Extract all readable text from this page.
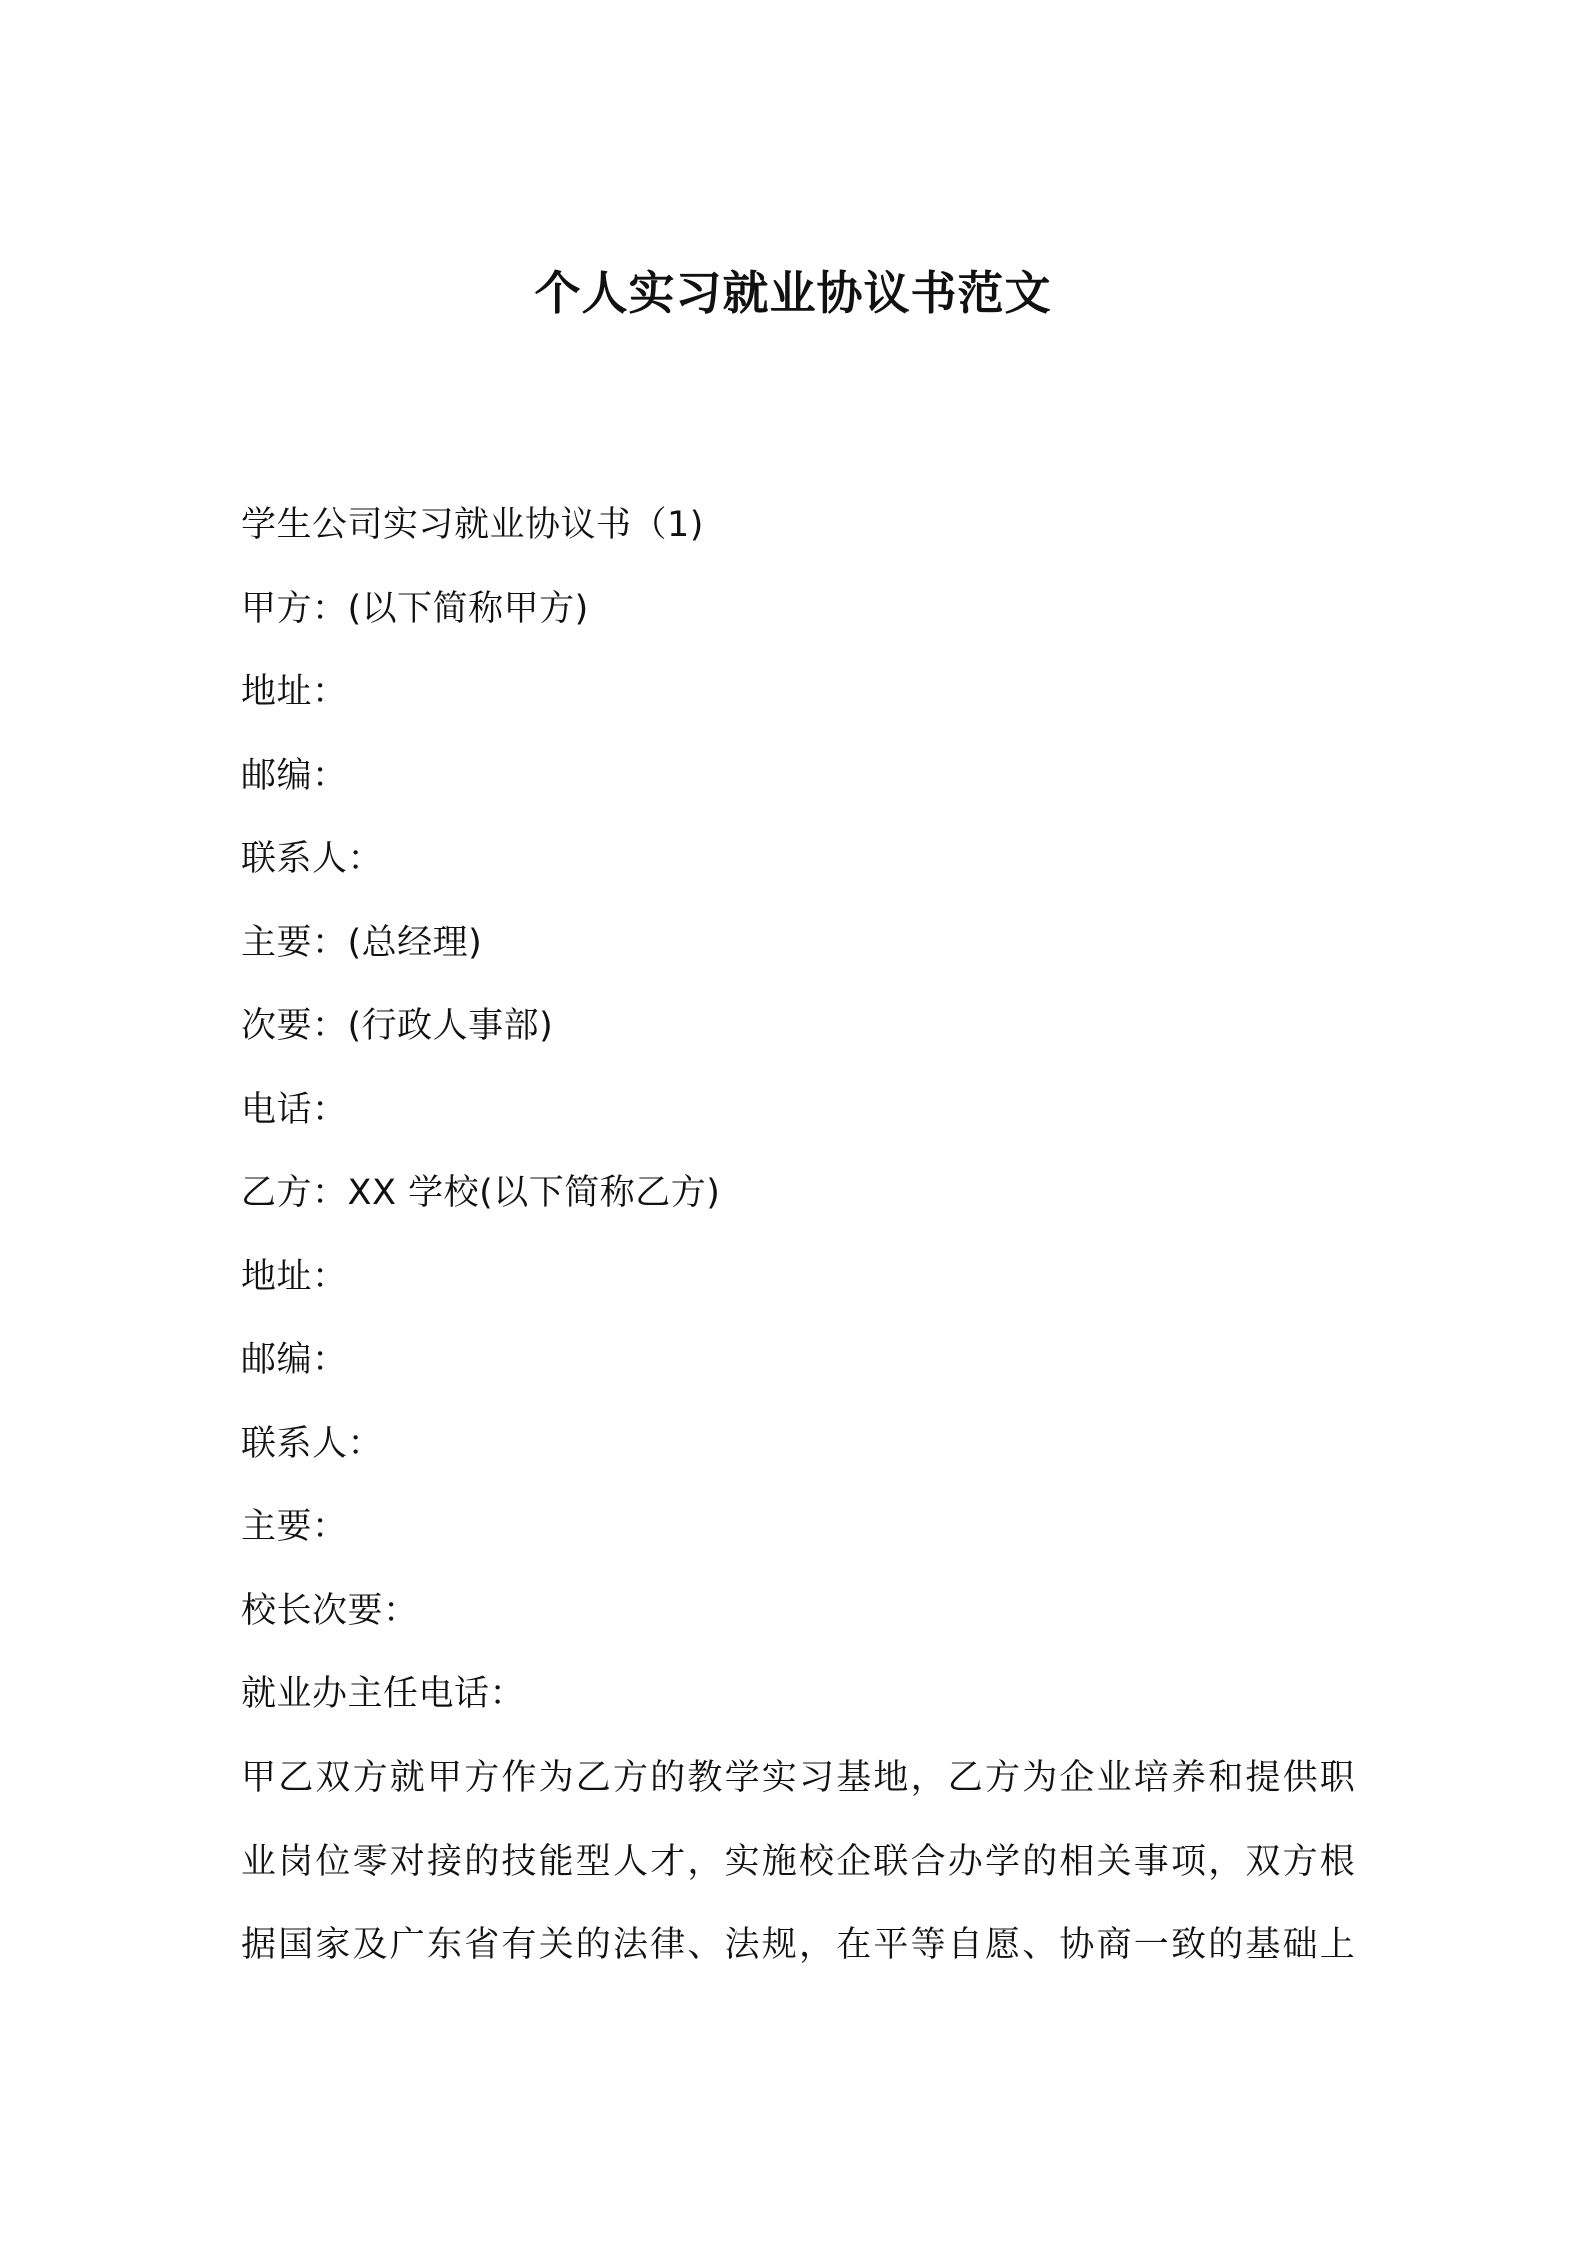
个人实习就业协议书范文
学生公司实习就业协议书（1)
甲方：(以下简称甲方)
地址：
邮编：
联系人：
主要：(总经理)
次要：(行政人事部)
电话：
乙方：XX 学校(以下简称乙方)
地址：
邮编：
联系人：
主要：
校长次要：
就业办主任电话：
甲乙双方就甲方作为乙方的教学实习基地，乙方为企业培养和提供职
业岗位零对接的技能型人才，实施校企联合办学的相关事项，双方根
据国家及广东省有关的法律、法规，在平等自愿、协商一致的基础上
